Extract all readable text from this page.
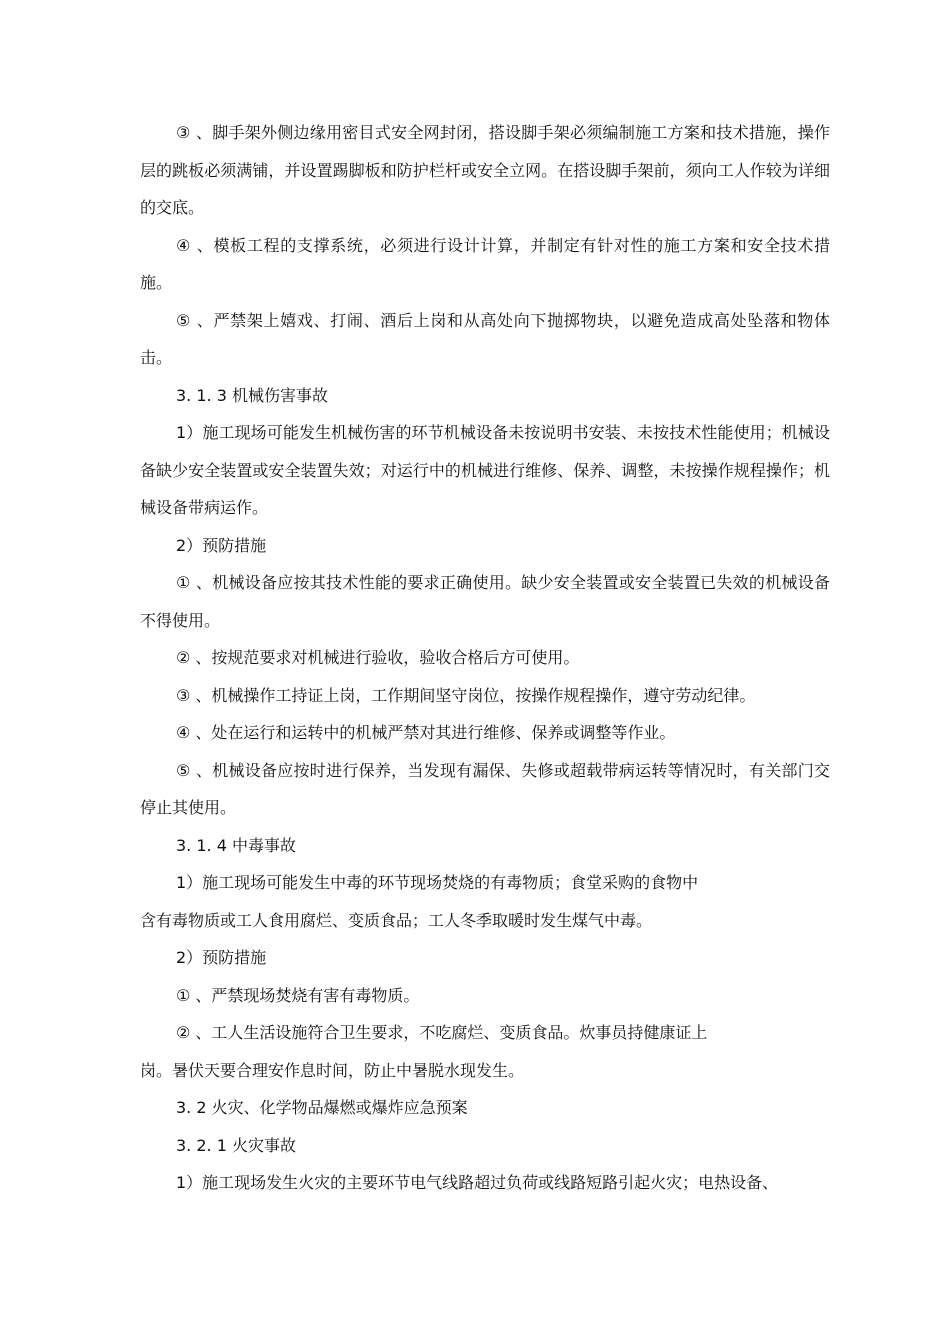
③ 、脚手架外侧边缘用密目式安全网封闭，搭设脚手架必须编制施工方案和技术措施，操作层的跳板必须满铺，并设置踢脚板和防护栏杆或安全立网。在搭设脚手架前，须向工人作较为详细的交底。

④ 、模板工程的支撑系统，必须进行设计计算，并制定有针对性的施工方案和安全技术措施。

⑤ 、严禁架上嬉戏、打闹、酒后上岗和从高处向下抛掷物块，以避免造成高处坠落和物体击。

3. 1. 3 机械伤害事故

1）施工现场可能发生机械伤害的环节机械设备未按说明书安装、未按技术性能使用；机械设备缺少安全装置或安全装置失效；对运行中的机械进行维修、保养、调整，未按操作规程操作；机械设备带病运作。

2）预防措施

① 、机械设备应按其技术性能的要求正确使用。缺少安全装置或安全装置已失效的机械设备不得使用。

② 、按规范要求对机械进行验收，验收合格后方可使用。

③ 、机械操作工持证上岗，工作期间坚守岗位，按操作规程操作，遵守劳动纪律。

④ 、处在运行和运转中的机械严禁对其进行维修、保养或调整等作业。

⑤ 、机械设备应按时进行保养，当发现有漏保、失修或超载带病运转等情况时，有关部门交停止其使用。

3. 1. 4 中毒事故

1）施工现场可能发生中毒的环节现场焚烧的有毒物质；食堂采购的食物中

含有毒物质或工人食用腐烂、变质食品；工人冬季取暖时发生煤气中毒。

2）预防措施

① 、严禁现场焚烧有害有毒物质。

② 、工人生活设施符合卫生要求，不吃腐烂、变质食品。炊事员持健康证上

岗。暑伏天要合理安作息时间，防止中暑脱水现发生。

3. 2 火灾、化学物品爆燃或爆炸应急预案

3. 2. 1 火灾事故

1）施工现场发生火灾的主要环节电气线路超过负荷或线路短路引起火灾；电热设备、
